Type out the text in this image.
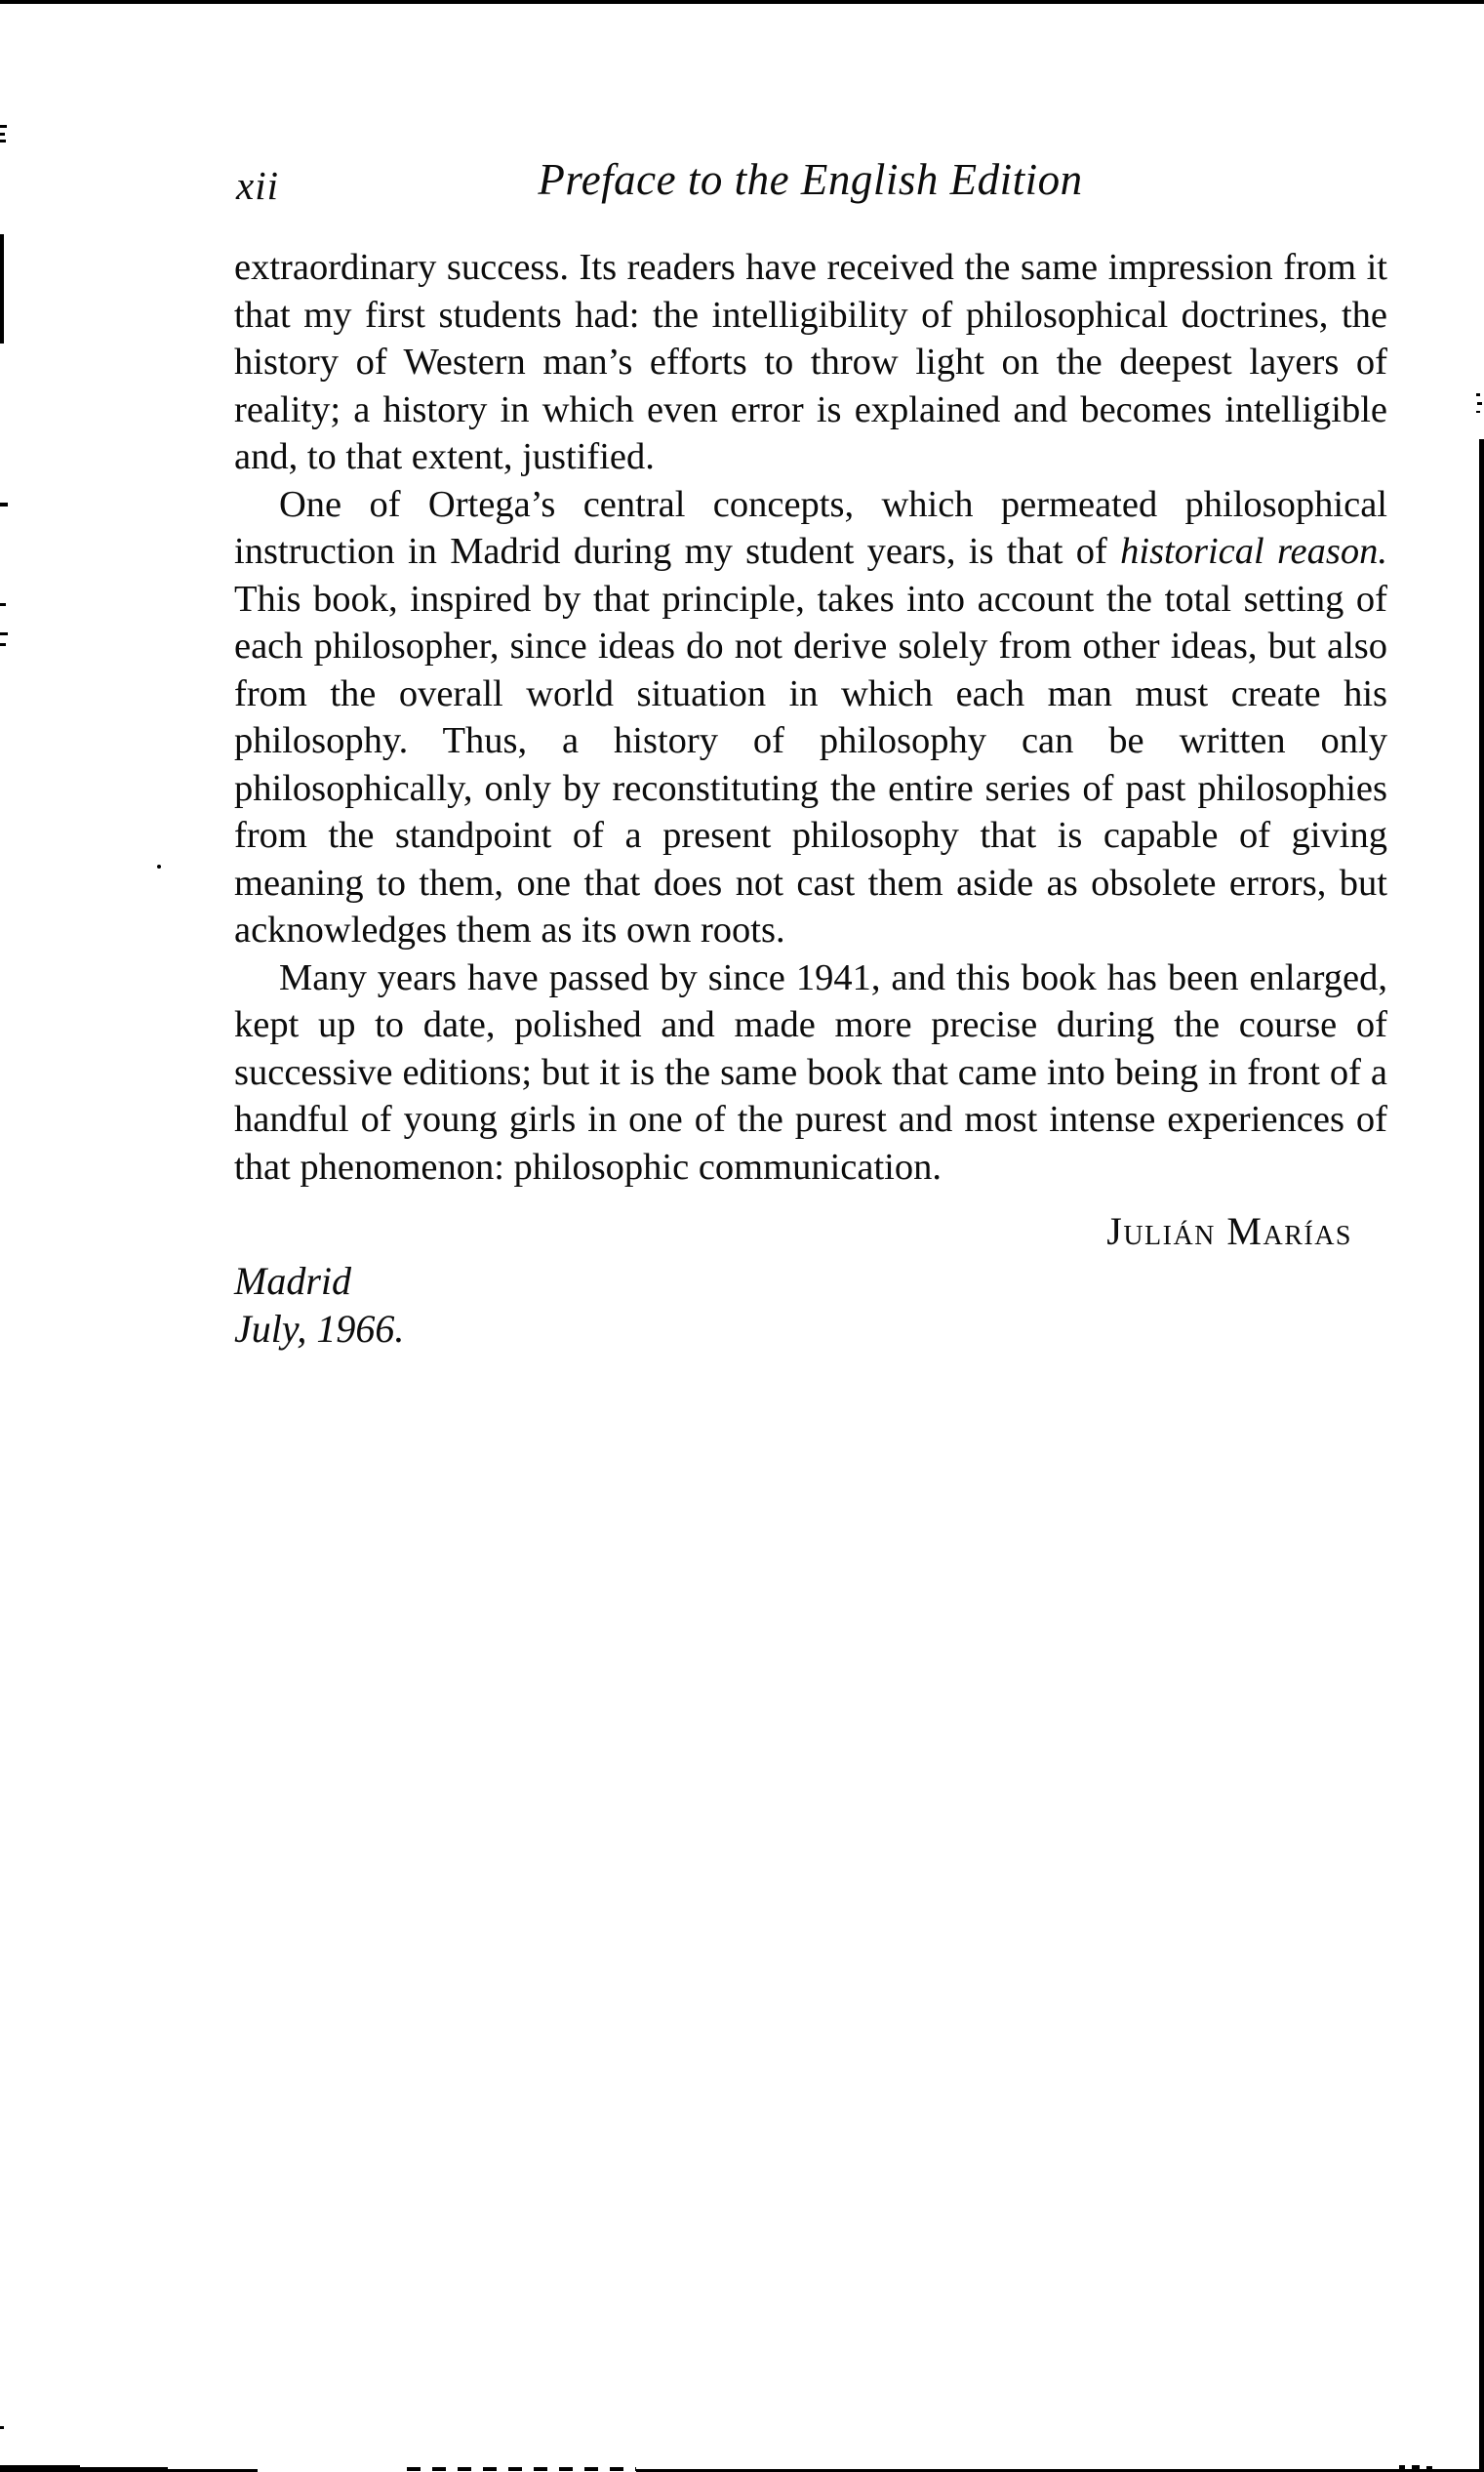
xii	Preface to the English Edition

extraordinary success. Its readers have received the same impression from it that my first students had: the intelligibility of philosophical doctrines, the history of Western man’s efforts to throw light on the deepest layers of reality; a history in which even error is explained and becomes intelligible and, to that extent, justified.

One of Ortega’s central concepts, which permeated philosophical instruction in Madrid during my student years, is that of historical reason. This book, inspired by that principle, takes into account the total setting of each philosopher, since ideas do not derive solely from other ideas, but also from the overall world situation in which each man must create his philosophy. Thus, a history of philosophy can be written only philosophically, only by reconstituting the entire series of past philosophies from the standpoint of a present philosophy that is capable of giving meaning to them, one that does not cast them aside as obsolete errors, but acknowledges them as its own roots.

Many years have passed by since 1941, and this book has been enlarged, kept up to date, polished and made more precise during the course of successive editions; but it is the same book that came into being in front of a handful of young girls in one of the purest and most intense experiences of that phenomenon: philosophic communication.

Julián Marías

Madrid

July, 1966.
